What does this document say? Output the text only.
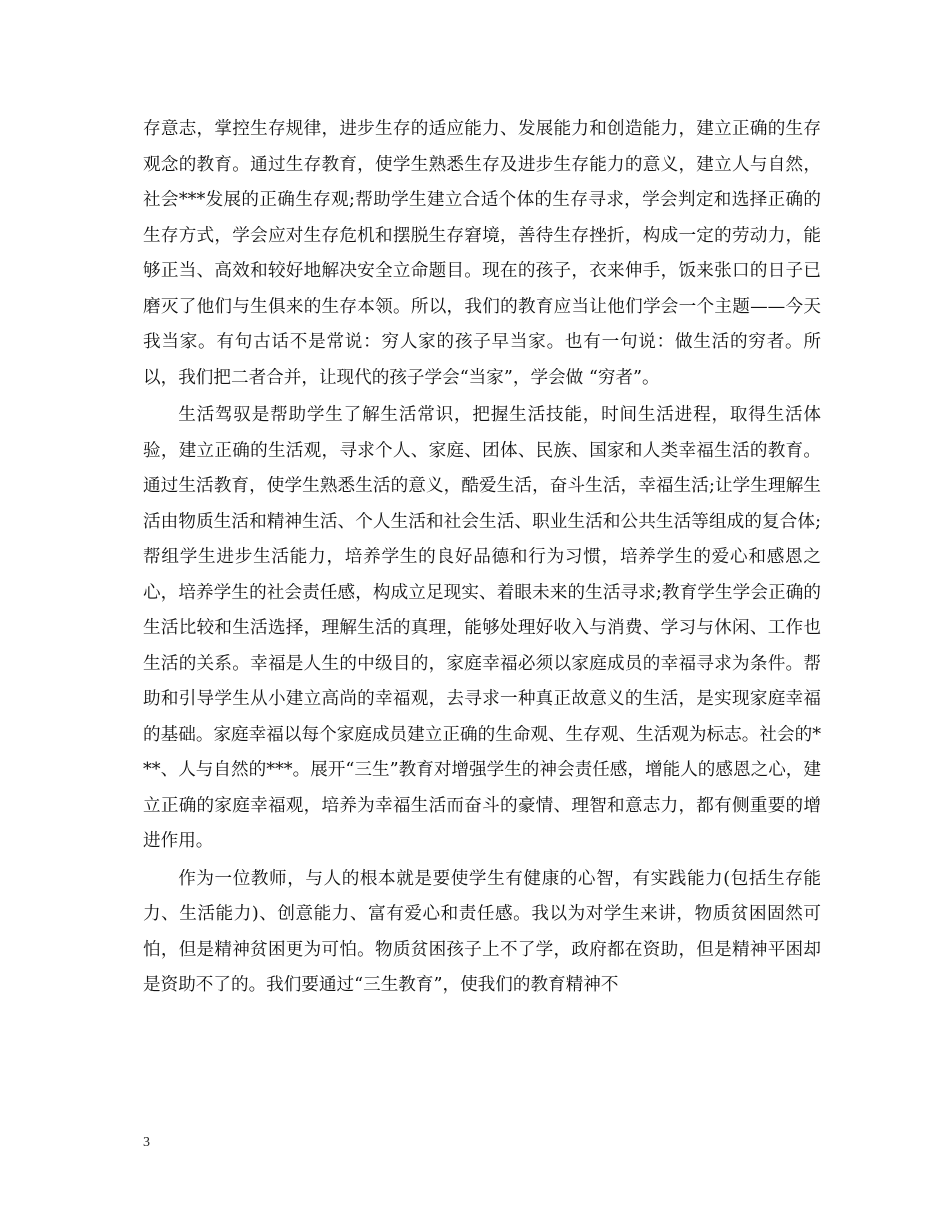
存意志，掌控生存规律，进步生存的适应能力、发展能力和创造能力，建立正确的生存观念的教育。通过生存教育，使学生熟悉生存及进步生存能力的意义，建立人与自然，社会***发展的正确生存观;帮助学生建立合适个体的生存寻求，学会判定和选择正确的生存方式，学会应对生存危机和摆脱生存窘境，善待生存挫折，构成一定的劳动力，能够正当、高效和较好地解决安全立命题目。现在的孩子，衣来伸手，饭来张口的日子已磨灭了他们与生俱来的生存本领。所以，我们的教育应当让他们学会一个主题——今天我当家。有句古话不是常说：穷人家的孩子早当家。也有一句说：做生活的穷者。所以，我们把二者合并，让现代的孩子学会“当家”，学会做 “穷者”。

生活驾驭是帮助学生了解生活常识，把握生活技能，时间生活进程，取得生活体验，建立正确的生活观，寻求个人、家庭、团体、民族、国家和人类幸福生活的教育。通过生活教育，使学生熟悉生活的意义，酷爱生活，奋斗生活，幸福生活;让学生理解生活由物质生活和精神生活、个人生活和社会生活、职业生活和公共生活等组成的复合体;帮组学生进步生活能力，培养学生的良好品德和行为习惯，培养学生的爱心和感恩之心，培养学生的社会责任感，构成立足现实、着眼未来的生活寻求;教育学生学会正确的生活比较和生活选择，理解生活的真理，能够处理好收入与消费、学习与休闲、工作也生活的关系。幸福是人生的中级目的，家庭幸福必须以家庭成员的幸福寻求为条件。帮助和引导学生从小建立高尚的幸福观，去寻求一种真正故意义的生活，是实现家庭幸福的基础。家庭幸福以每个家庭成员建立正确的生命观、生存观、生活观为标志。社会的***、人与自然的***。展开“三生”教育对增强学生的神会责任感，增能人的感恩之心，建立正确的家庭幸福观，培养为幸福生活而奋斗的豪情、理智和意志力，都有侧重要的增进作用。

作为一位教师，与人的根本就是要使学生有健康的心智，有实践能力(包括生存能力、生活能力)、创意能力、富有爱心和责任感。我以为对学生来讲，物质贫困固然可怕，但是精神贫困更为可怕。物质贫困孩子上不了学，政府都在资助，但是精神平困却是资助不了的。我们要通过“三生教育”，使我们的教育精神不

3
